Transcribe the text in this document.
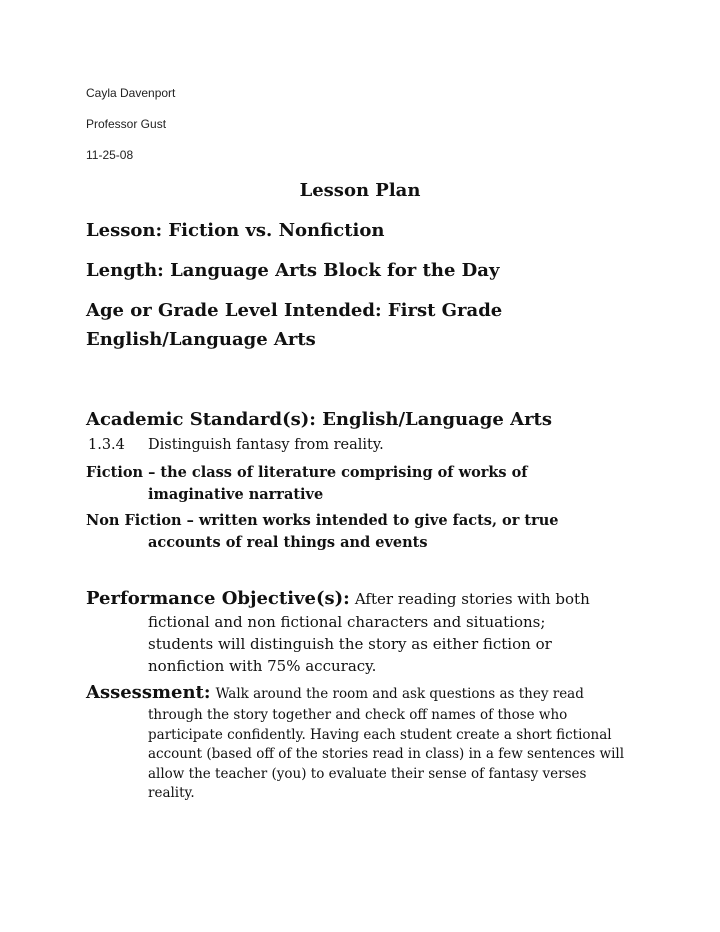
Cayla Davenport
Professor Gust
11-25-08
Lesson Plan
Lesson: Fiction vs. Nonfiction
Length: Language Arts Block for the Day
Age or Grade Level Intended: First Grade
English/Language Arts
Academic Standard(s): English/Language Arts
1.3.4 Distinguish fantasy from reality.
Fiction – the class of literature comprising of works of
imaginative narrative
Non Fiction – written works intended to give facts, or true
accounts of real things and events
Performance Objective(s): After reading stories with both
fictional and non fictional characters and situations;
students will distinguish the story as either fiction or
nonfiction with 75% accuracy.
Assessment: Walk around the room and ask questions as they read
through the story together and check off names of those who
participate confidently. Having each student create a short fictional
account (based off of the stories read in class) in a few sentences will
allow the teacher (you) to evaluate their sense of fantasy verses
reality.
